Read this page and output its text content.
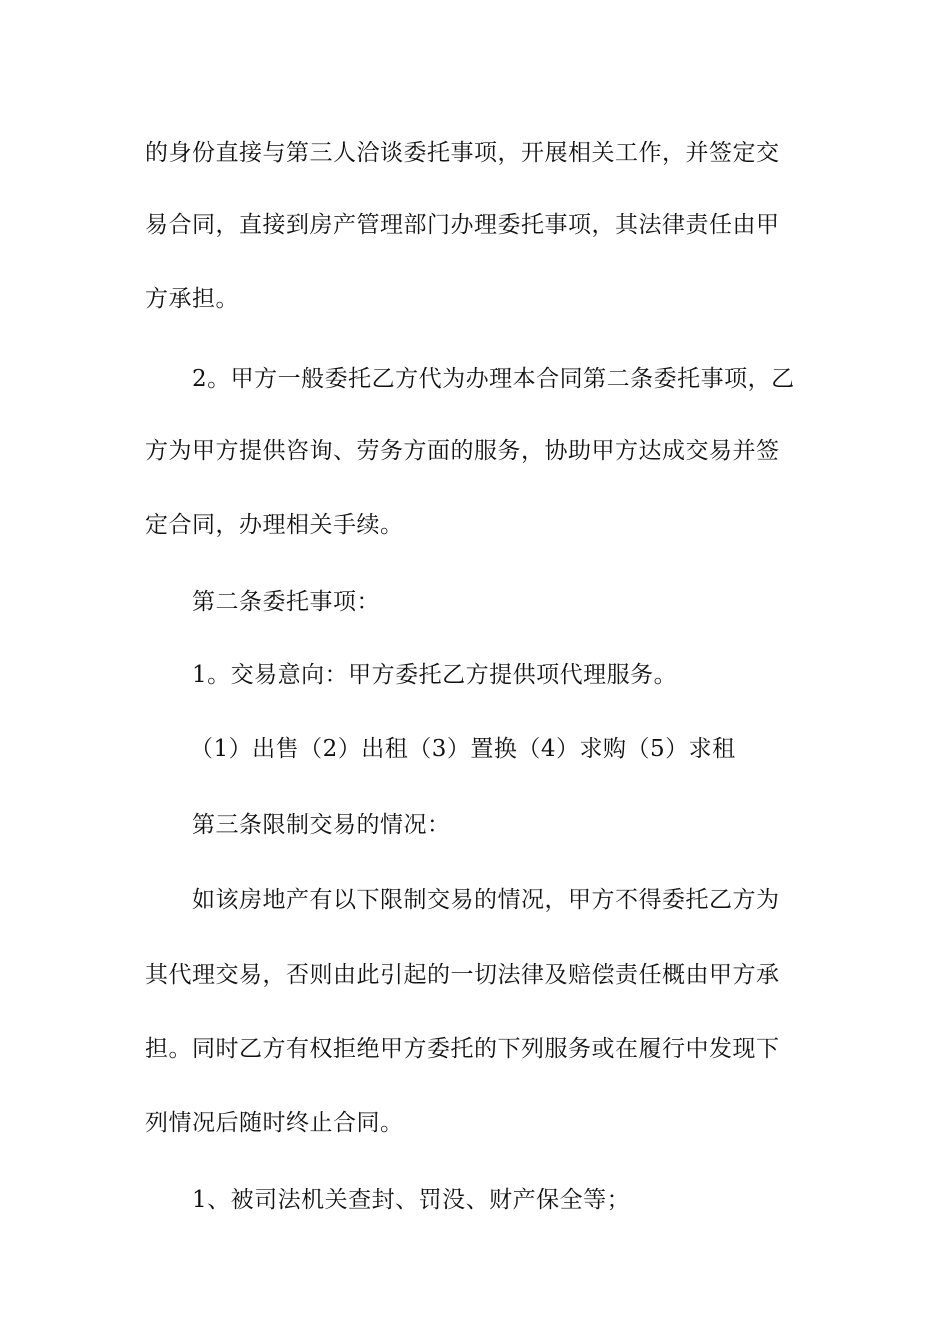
的身份直接与第三人洽谈委托事项，开展相关工作，并签定交
易合同，直接到房产管理部门办理委托事项，其法律责任由甲
方承担。
2。甲方一般委托乙方代为办理本合同第二条委托事项，乙
方为甲方提供咨询、劳务方面的服务，协助甲方达成交易并签
定合同，办理相关手续。
第二条委托事项：
1。交易意向：甲方委托乙方提供项代理服务。
（1）出售（2）出租（3）置换（4）求购（5）求租
第三条限制交易的情况：
如该房地产有以下限制交易的情况，甲方不得委托乙方为
其代理交易，否则由此引起的一切法律及赔偿责任概由甲方承
担。同时乙方有权拒绝甲方委托的下列服务或在履行中发现下
列情况后随时终止合同。
1、被司法机关查封、罚没、财产保全等；
